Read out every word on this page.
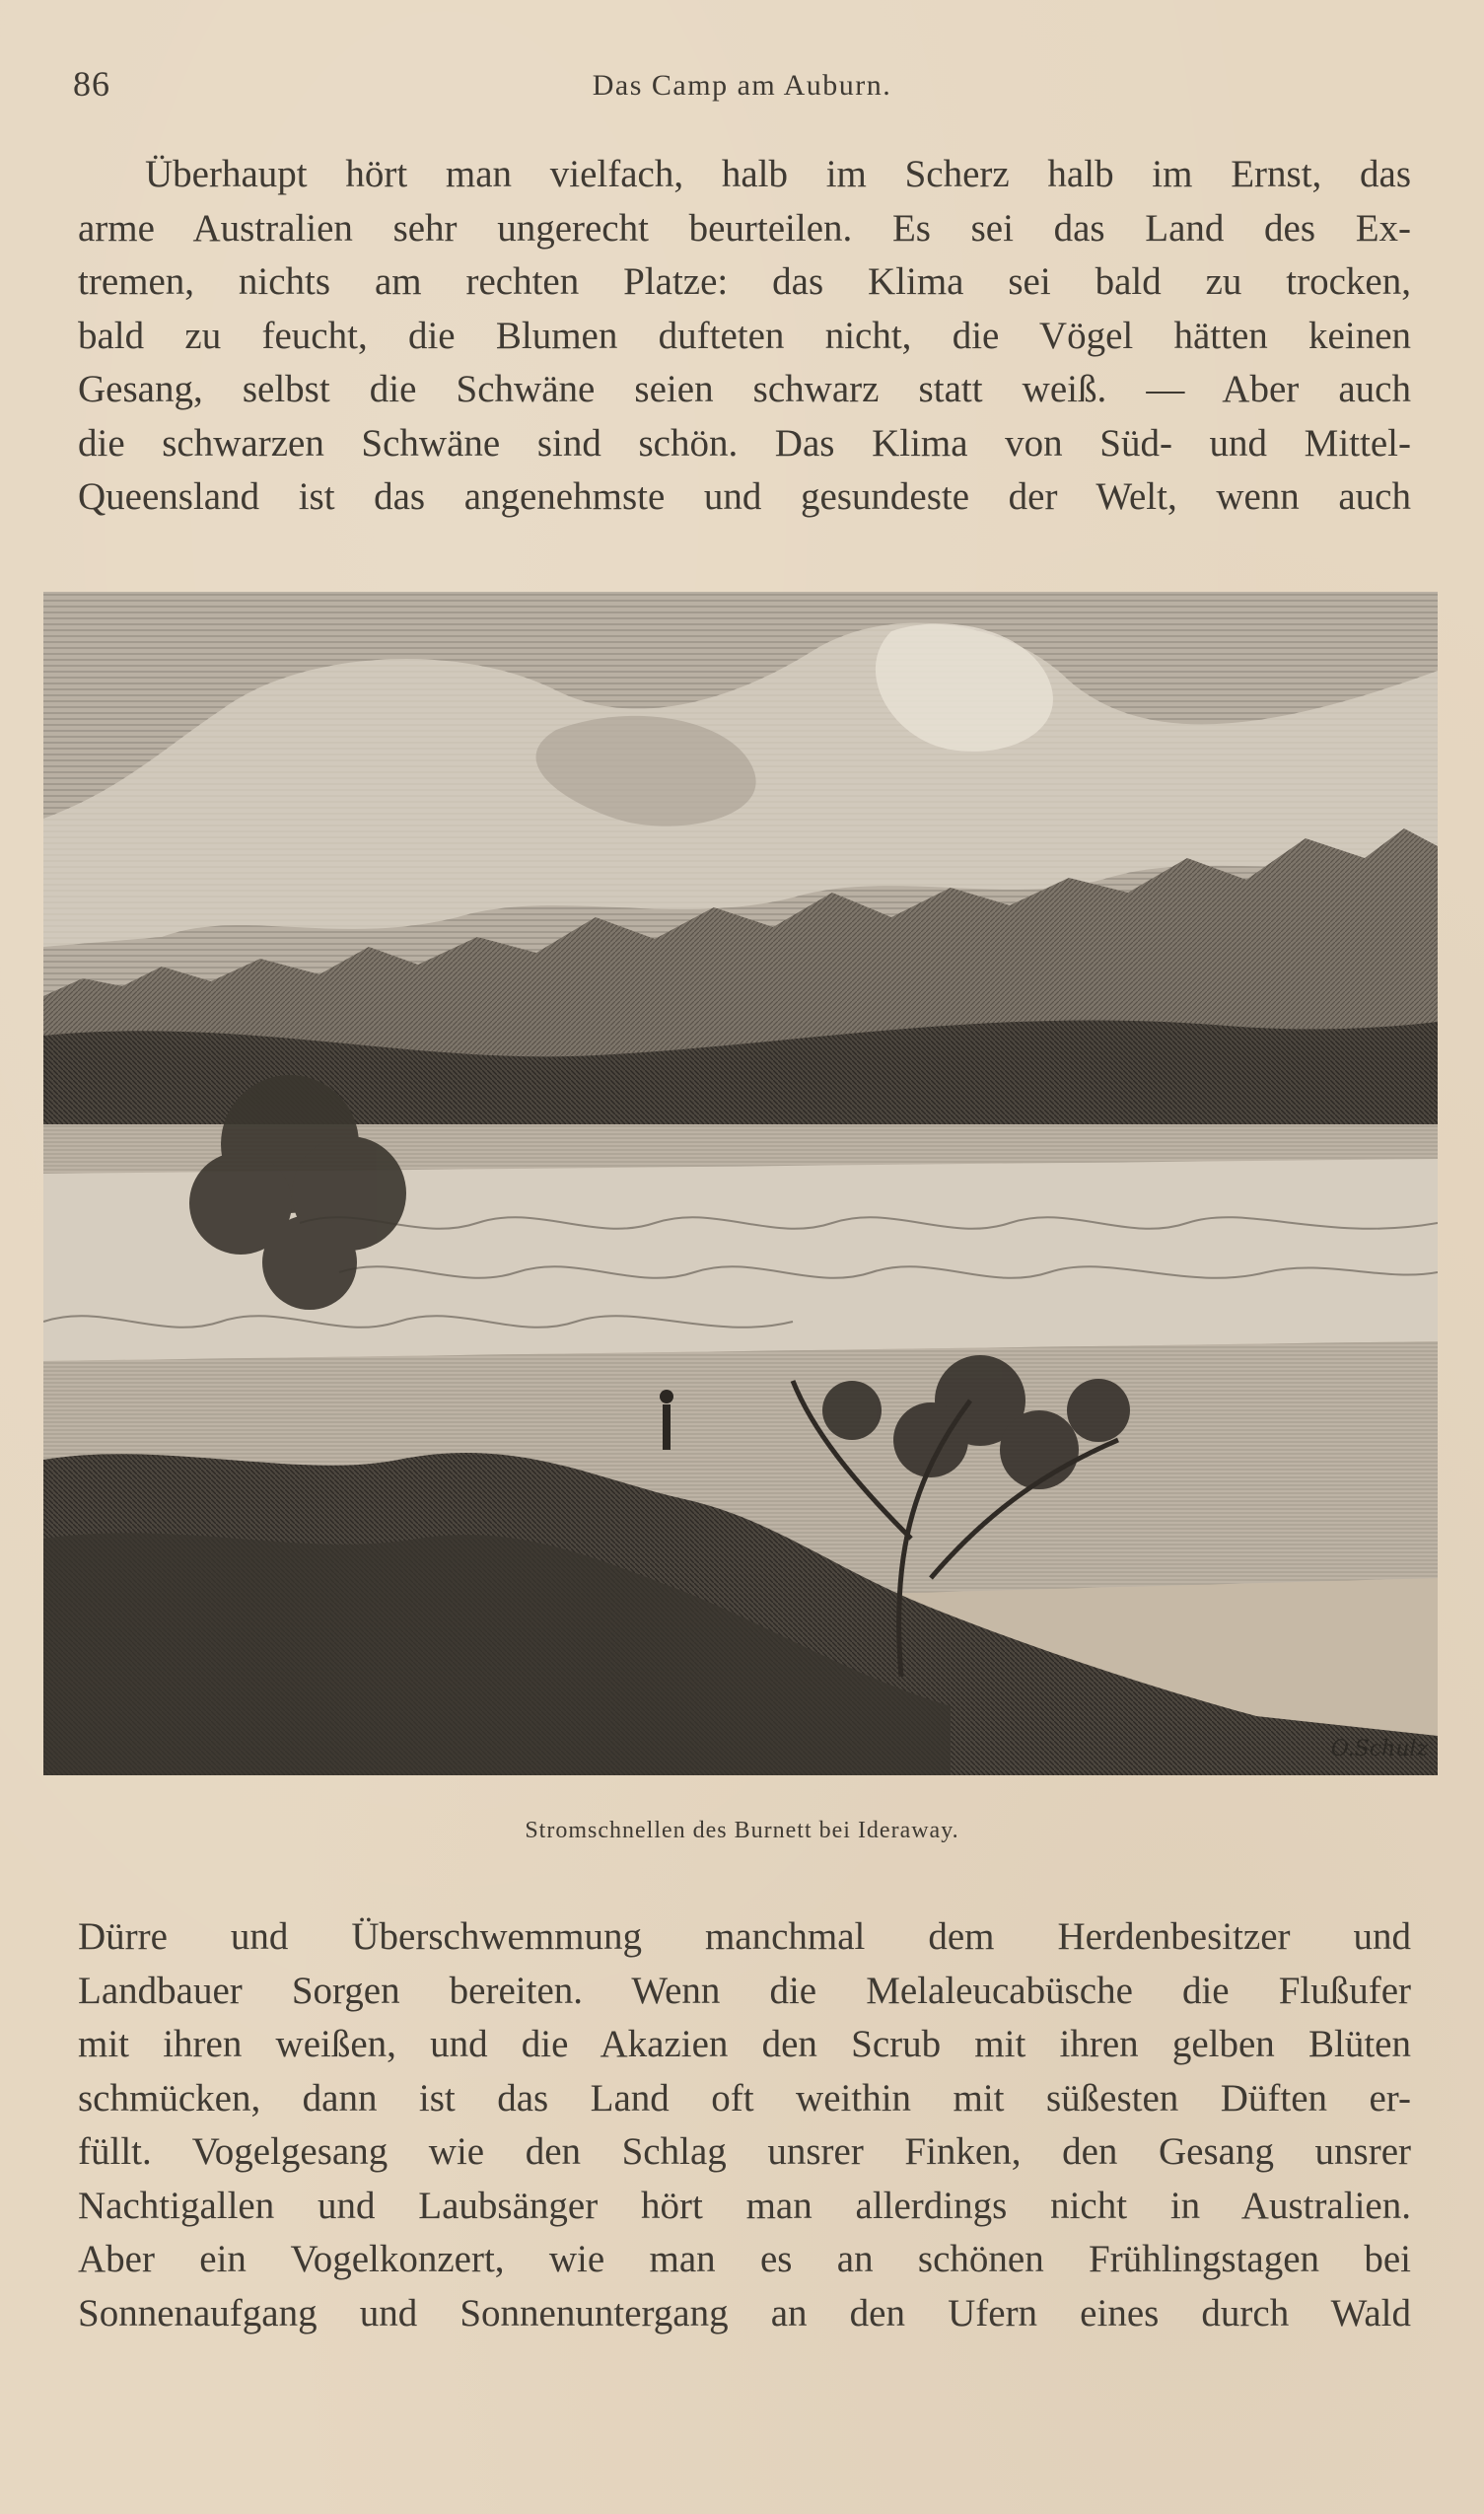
86	Das Camp am Auburn.
Überhaupt hört man vielfach, halb im Scherz halb im Ernst, das
arme Australien sehr ungerecht beurteilen. Es sei das Land des Ex-
tremen, nichts am rechten Platze: das Klima sei bald zu trocken,
bald zu feucht, die Blumen dufteten nicht, die Vögel hätten keinen
Gesang, selbst die Schwäne seien schwarz statt weiß. — Aber auch
die schwarzen Schwäne sind schön. Das Klima von Süd- und Mittel-
Queensland ist das angenehmste und gesundeste der Welt, wenn auch
O.Schulz
Stromschnellen des Burnett bei Ideraway.
Dürre und Überschwemmung manchmal dem Herdenbesitzer und
Landbauer Sorgen bereiten. Wenn die Melaleucabüsche die Flußufer
mit ihren weißen, und die Akazien den Scrub mit ihren gelben Blüten
schmücken, dann ist das Land oft weithin mit süßesten Düften er-
füllt. Vogelgesang wie den Schlag unsrer Finken, den Gesang unsrer
Nachtigallen und Laubsänger hört man allerdings nicht in Australien.
Aber ein Vogelkonzert, wie man es an schönen Frühlingstagen bei
Sonnenaufgang und Sonnenuntergang an den Ufern eines durch Wald
